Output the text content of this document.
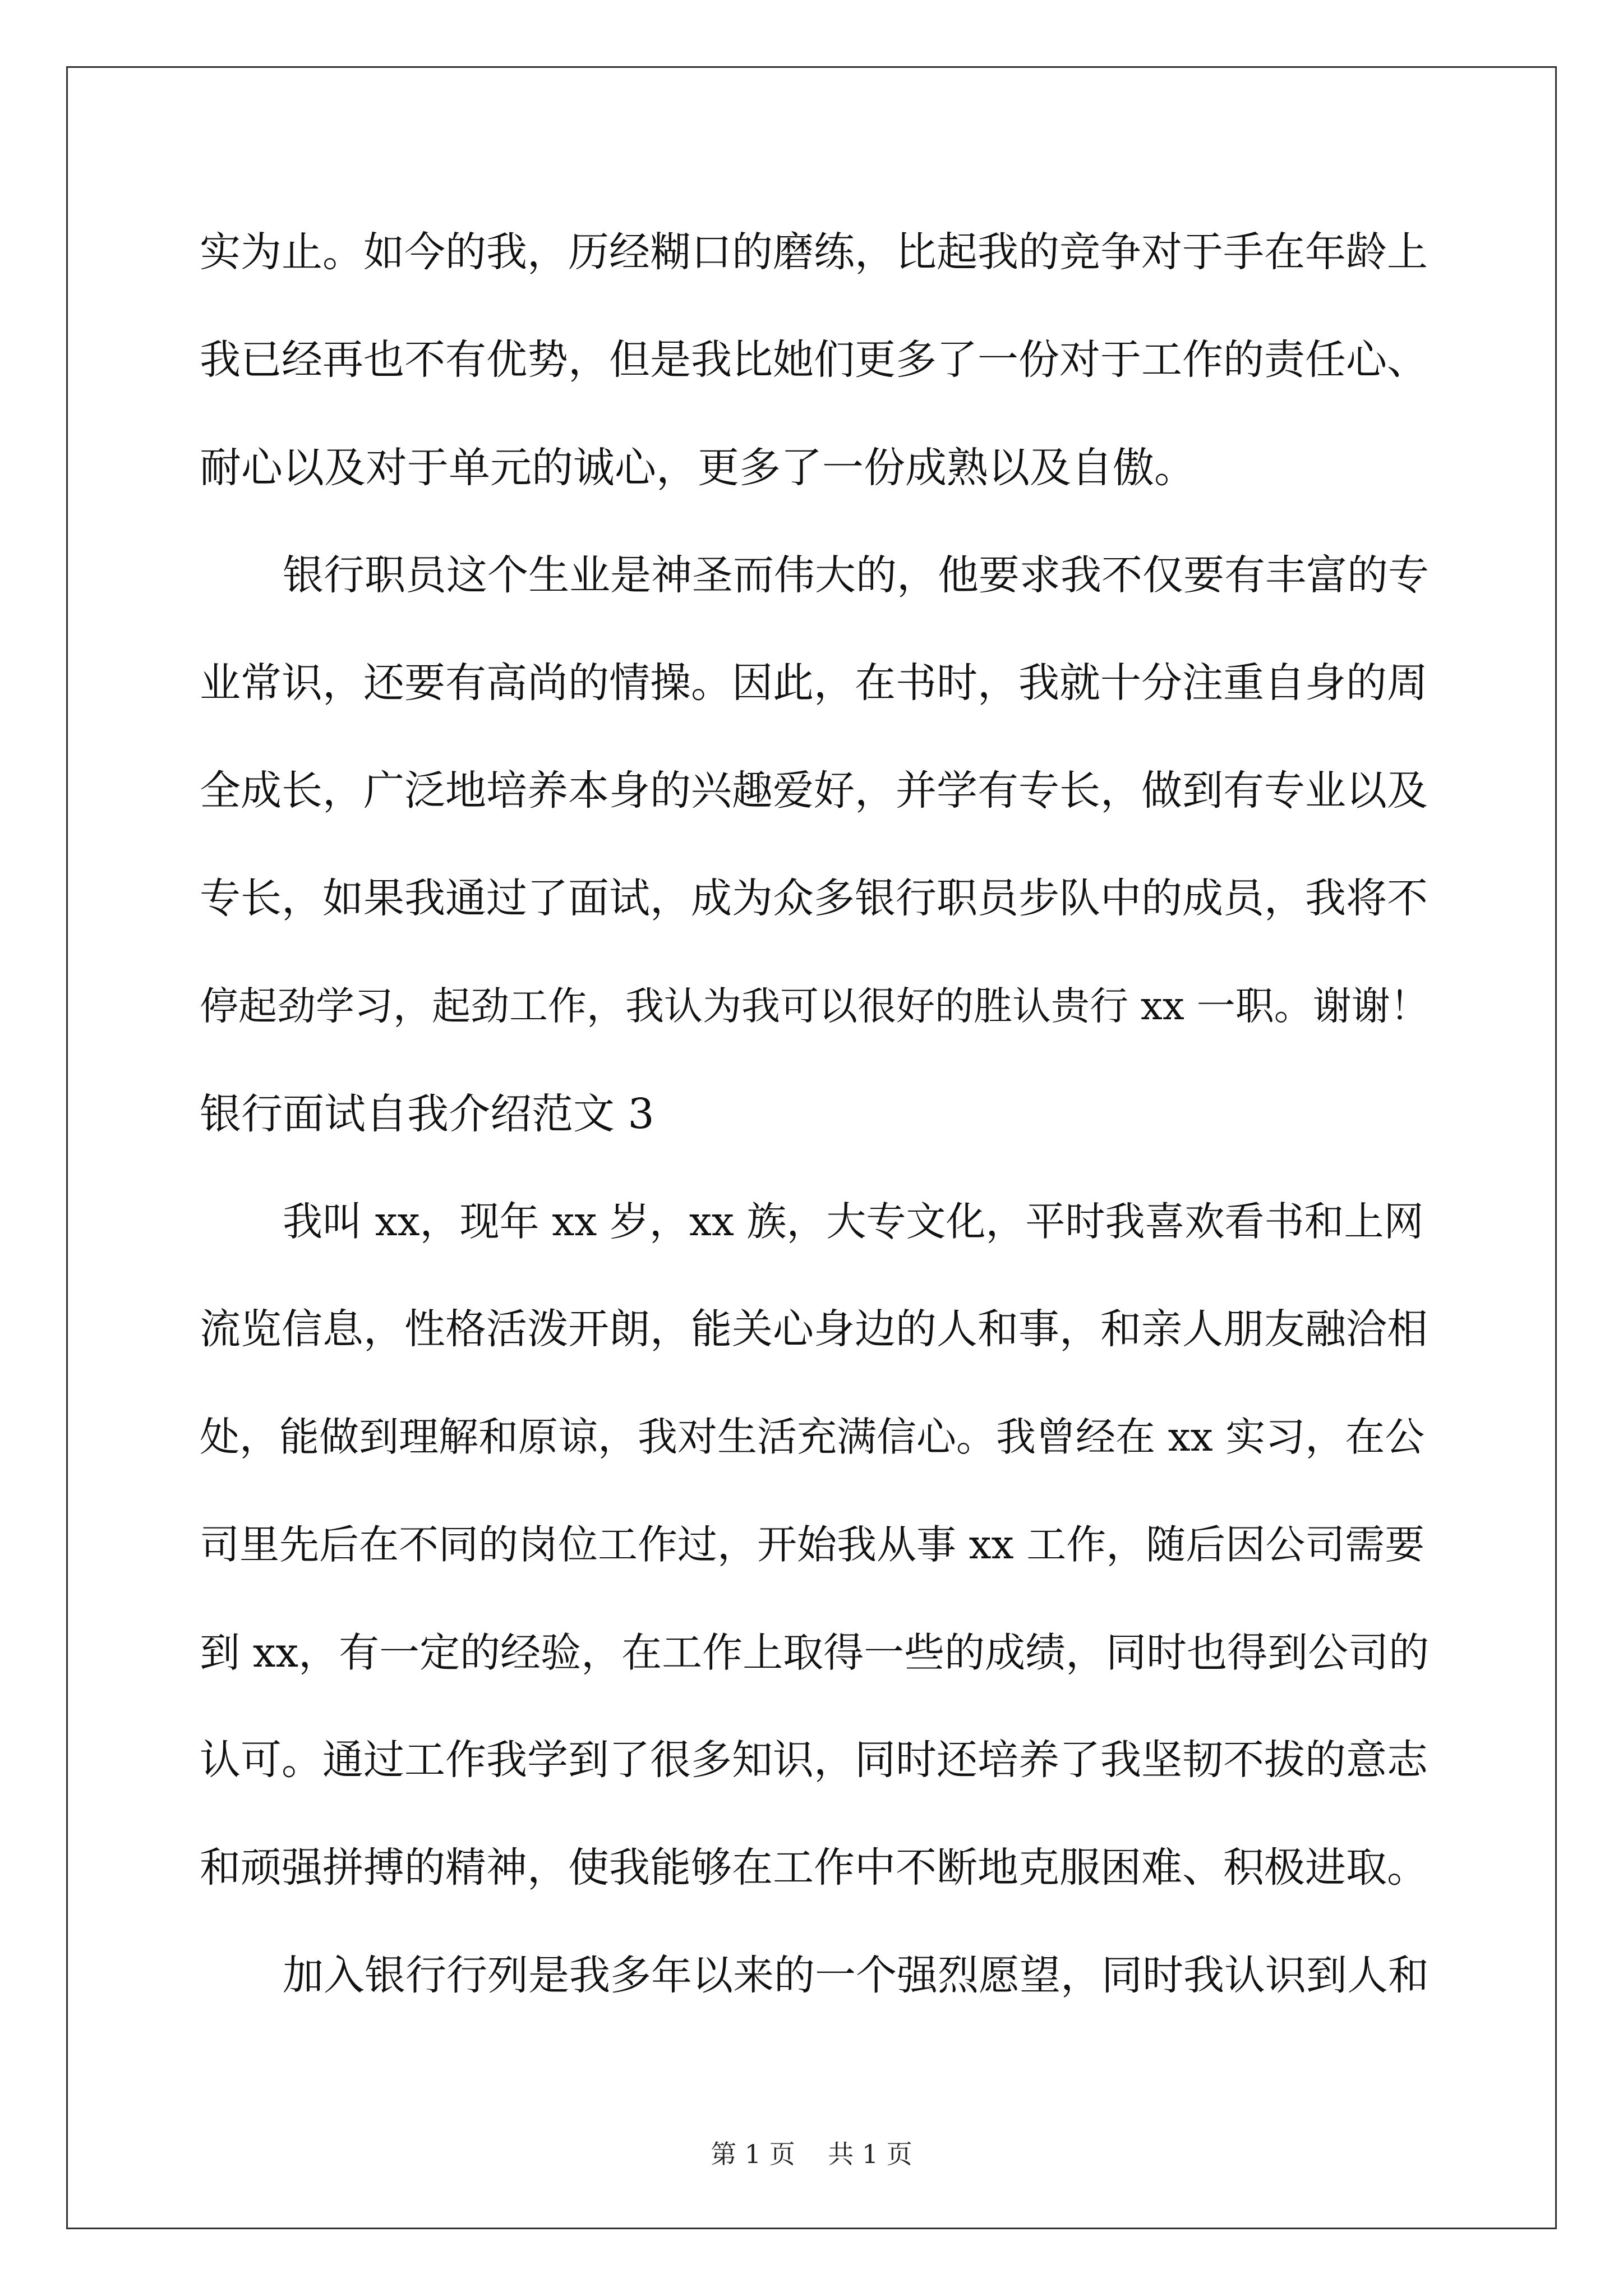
实为止。如今的我，历经糊口的磨练，比起我的竞争对于手在年龄上
我已经再也不有优势，但是我比她们更多了一份对于工作的责任心、
耐心以及对于单元的诚心，更多了一份成熟以及自傲。
银行职员这个生业是神圣而伟大的，他要求我不仅要有丰富的专
业常识，还要有高尚的情操。因此，在书时，我就十分注重自身的周
全成长，广泛地培养本身的兴趣爱好，并学有专长，做到有专业以及
专长，如果我通过了面试，成为众多银行职员步队中的成员，我将不
停起劲学习，起劲工作，我认为我可以很好的胜认贵行 xx 一职。谢谢！
银行面试自我介绍范文 3
我叫 xx，现年 xx 岁，xx 族，大专文化，平时我喜欢看书和上网
流览信息，性格活泼开朗，能关心身边的人和事，和亲人朋友融洽相
处，能做到理解和原谅，我对生活充满信心。我曾经在 xx 实习，在公
司里先后在不同的岗位工作过，开始我从事 xx 工作，随后因公司需要
到 xx，有一定的经验，在工作上取得一些的成绩，同时也得到公司的
认可。通过工作我学到了很多知识，同时还培养了我坚韧不拔的意志
和顽强拼搏的精神，使我能够在工作中不断地克服困难、积极进取。
加入银行行列是我多年以来的一个强烈愿望，同时我认识到人和
第 1 页    共 1 页
